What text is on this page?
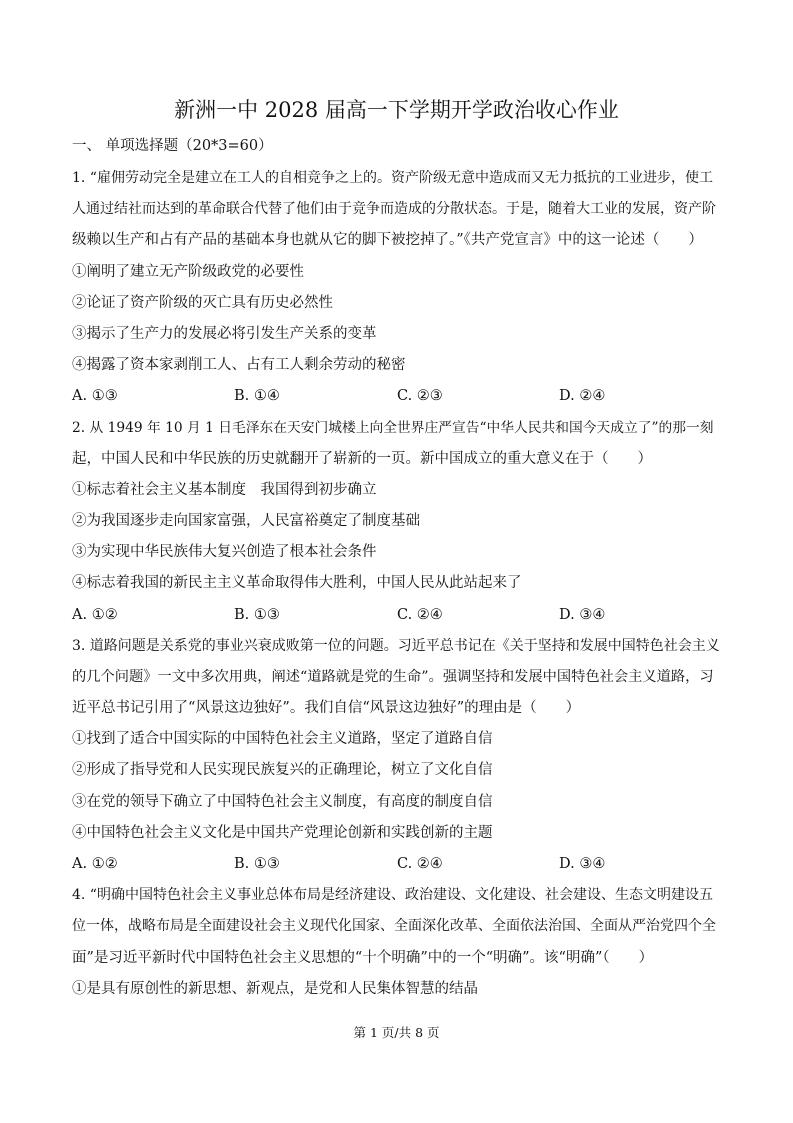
新洲一中 2028 届高一下学期开学政治收心作业
一、 单项选择题（20*3=60）
1. “雇佣劳动完全是建立在工人的自相竞争之上的。资产阶级无意中造成而又无力抵抗的工业进步，使工
人通过结社而达到的革命联合代替了他们由于竞争而造成的分散状态。于是，随着大工业的发展，资产阶
级赖以生产和占有产品的基础本身也就从它的脚下被挖掉了。”《共产党宣言》中的这一论述（　　）
①阐明了建立无产阶级政党的必要性
②论证了资产阶级的灭亡具有历史必然性
③揭示了生产力的发展必将引发生产关系的变革
④揭露了资本家剥削工人、占有工人剩余劳动的秘密
A. ①③	B. ①④	C. ②③	D. ②④
2. 从 1949 年 10 月 1 日毛泽东在天安门城楼上向全世界庄严宣告“中华人民共和国今天成立了”的那一刻
起，中国人民和中华民族的历史就翻开了崭新的一页。新中国成立的重大意义在于（　　）
①标志着社会主义基本制度　我国得到初步确立
②为我国逐步走向国家富强，人民富裕奠定了制度基础
③为实现中华民族伟大复兴创造了根本社会条件
④标志着我国的新民主主义革命取得伟大胜利，中国人民从此站起来了
A. ①②	B. ①③	C. ②④	D. ③④
3. 道路问题是关系党的事业兴衰成败第一位的问题。习近平总书记在《关于坚持和发展中国特色社会主义
的几个问题》一文中多次用典，阐述“道路就是党的生命”。强调坚持和发展中国特色社会主义道路，习
近平总书记引用了“风景这边独好”。我们自信“风景这边独好”的理由是（　　）
①找到了适合中国实际的中国特色社会主义道路，坚定了道路自信
②形成了指导党和人民实现民族复兴的正确理论，树立了文化自信
③在党的领导下确立了中国特色社会主义制度，有高度的制度自信
④中国特色社会主义文化是中国共产党理论创新和实践创新的主题
A. ①②	B. ①③	C. ②④	D. ③④
4. “明确中国特色社会主义事业总体布局是经济建设、政治建设、文化建设、社会建设、生态文明建设五
位一体，战略布局是全面建设社会主义现代化国家、全面深化改革、全面依法治国、全面从严治党四个全
面”是习近平新时代中国特色社会主义思想的“十个明确”中的一个“明确”。该“明确”（　　）
①是具有原创性的新思想、新观点，是党和人民集体智慧的结晶
第 1 页/共 8 页
